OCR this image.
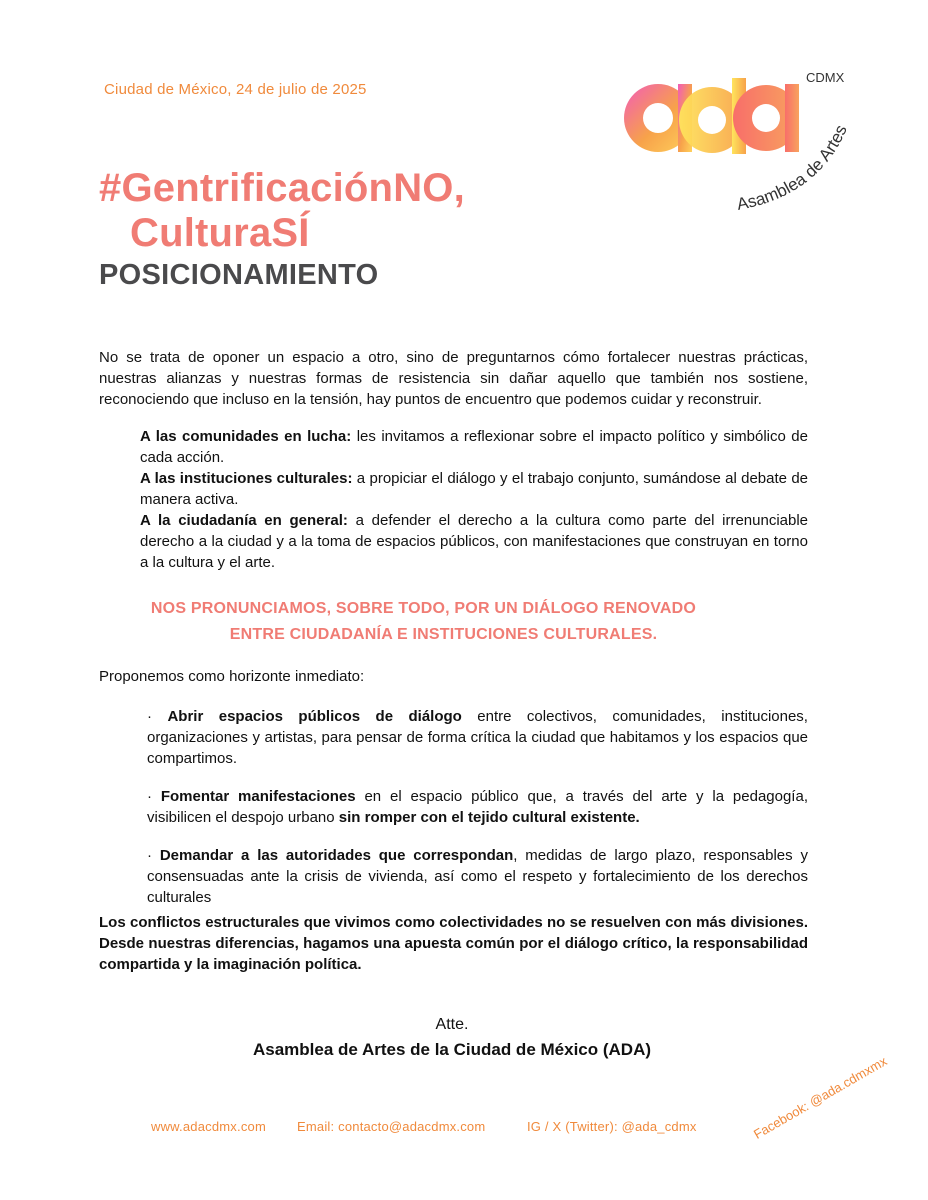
Ciudad de México, 24 de julio de 2025
CDMX
Asamblea de Artes
#GentrificaciónNO,
CulturaSÍ
POSICIONAMIENTO
No se trata de oponer un espacio a otro, sino de preguntarnos cómo fortalecer nuestras prácticas, nuestras alianzas y nuestras formas de resistencia sin dañar aquello que también nos sostiene, reconociendo que incluso en la tensión, hay puntos de encuentro que podemos cuidar y reconstruir.

A las comunidades en lucha: les invitamos a reflexionar sobre el impacto político y simbólico de cada acción.

A las instituciones culturales: a propiciar el diálogo y el trabajo conjunto, sumándose al debate de manera activa.

A la ciudadanía en general: a defender el derecho a la cultura como parte del irrenunciable derecho a la ciudad y a la toma de espacios públicos, con manifestaciones que construyan en torno a la cultura y el arte.

NOS PRONUNCIAMOS, SOBRE TODO, POR UN DIÁLOGO RENOVADO
ENTRE CIUDADANÍA E INSTITUCIONES CULTURALES.
Proponemos como horizonte inmediato:

· Abrir espacios públicos de diálogo entre colectivos, comunidades, instituciones, organizaciones y artistas, para pensar de forma crítica la ciudad que habitamos y los espacios que compartimos.

· Fomentar manifestaciones en el espacio público que, a través del arte y la pedagogía, visibilicen el despojo urbano sin romper con el tejido cultural existente.

· Demandar a las autoridades que correspondan, medidas de largo plazo, responsables y consensuadas ante la crisis de vivienda, así como el respeto y fortalecimiento de los derechos culturales

Los conflictos estructurales que vivimos como colectividades no se resuelven con más divisiones. Desde nuestras diferencias, hagamos una apuesta común por el diálogo crítico, la responsabilidad compartida y la imaginación política.
Atte.
Asamblea de Artes de la Ciudad de México (ADA)
www.adacdmx.com Email: contacto@adacdmx.com	IG / X (Twitter): @ada_cdmx	Facebook: @ada.cdmxmx
